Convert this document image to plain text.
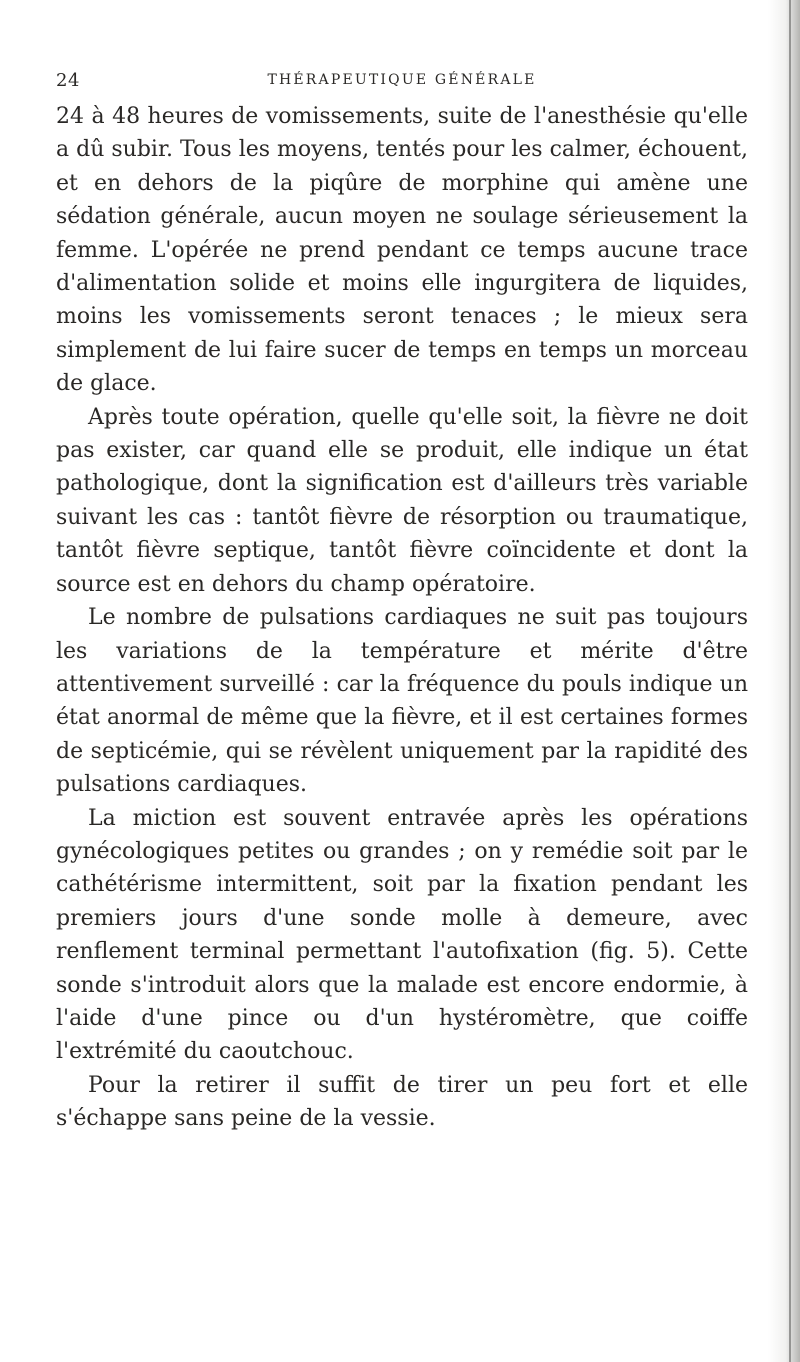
24	THÉRAPEUTIQUE GÉNÉRALE

24 à 48 heures de vomissements, suite de l'anesthésie qu'elle a dû subir. Tous les moyens, tentés pour les calmer, échouent, et en dehors de la piqûre de morphine qui amène une sédation générale, aucun moyen ne soulage sérieusement la femme. L'opérée ne prend pendant ce temps aucune trace d'alimentation solide et moins elle ingurgitera de liquides, moins les vomissements seront tenaces ; le mieux sera simplement de lui faire sucer de temps en temps un morceau de glace.

Après toute opération, quelle qu'elle soit, la fièvre ne doit pas exister, car quand elle se produit, elle indique un état pathologique, dont la signification est d'ailleurs très variable suivant les cas : tantôt fièvre de résorption ou traumatique, tantôt fièvre septique, tantôt fièvre coïncidente et dont la source est en dehors du champ opératoire.

Le nombre de pulsations cardiaques ne suit pas toujours les variations de la température et mérite d'être attentivement surveillé : car la fréquence du pouls indique un état anormal de même que la fièvre, et il est certaines formes de septicémie, qui se révèlent uniquement par la rapidité des pulsations cardiaques.

La miction est souvent entravée après les opérations gynécologiques petites ou grandes ; on y remédie soit par le cathétérisme intermittent, soit par la fixation pendant les premiers jours d'une sonde molle à demeure, avec renflement terminal permettant l'autofixation (fig. 5). Cette sonde s'introduit alors que la malade est encore endormie, à l'aide d'une pince ou d'un hystéromètre, que coiffe l'extrémité du caoutchouc.

Pour la retirer il suffit de tirer un peu fort et elle s'échappe sans peine de la vessie.
